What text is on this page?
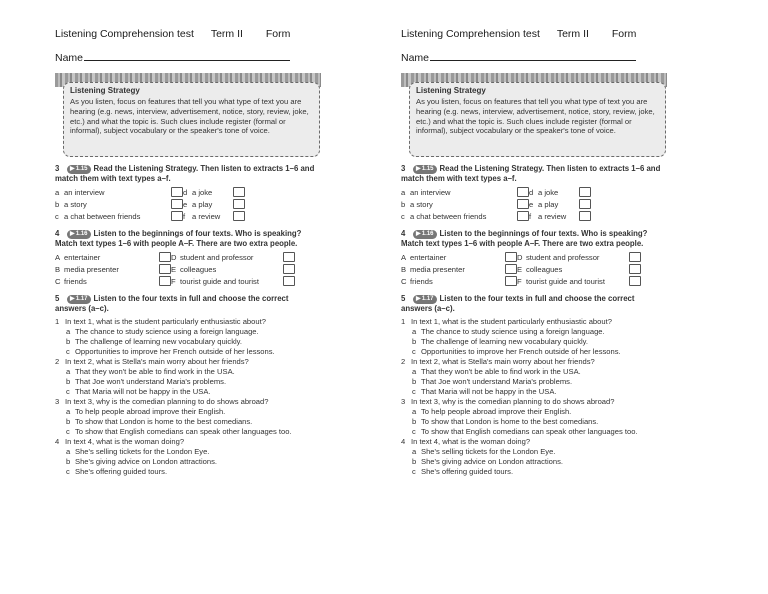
Listening Comprehension test Term II Form
Name
Listening Strategy
As you listen, focus on features that tell you what type of text you are hearing (e.g. news, interview, advertisement, notice, story, review, joke, etc.) and what the topic is. Such clues include register (formal or informal), subject vocabulary or the speaker's tone of voice.
3 ▶ 1.15 Read the Listening Strategy. Then listen to extracts 1–6 and match them with text types a–f.
a an interview	d a joke
b a story	e a play
c a chat between friends	f a review
4 ▶ 1.16 Listen to the beginnings of four texts. Who is speaking? Match text types 1–6 with people A–F. There are two extra people.
A entertainer	D student and professor
B media presenter	E colleagues
C friends	F tourist guide and tourist
5 ▶ 1.17 Listen to the four texts in full and choose the correct answers (a–c).
1 In text 1, what is the student particularly enthusiastic about?
a The chance to study science using a foreign language.
b The challenge of learning new vocabulary quickly.
c Opportunities to improve her French outside of her lessons.
2 In text 2, what is Stella's main worry about her friends?
a That they won't be able to find work in the USA.
b That Joe won't understand Maria's problems.
c That Maria will not be happy in the USA.
3 In text 3, why is the comedian planning to do shows abroad?
a To help people abroad improve their English.
b To show that London is home to the best comedians.
c To show that English comedians can speak other languages too.
4 In text 4, what is the woman doing?
a She's selling tickets for the London Eye.
b She's giving advice on London attractions.
c She's offering guided tours.
Listening Comprehension test Term II Form
Name
Listening Strategy
As you listen, focus on features that tell you what type of text you are hearing (e.g. news, interview, advertisement, notice, story, review, joke, etc.) and what the topic is. Such clues include register (formal or informal), subject vocabulary or the speaker's tone of voice.
3 ▶ 1.15 Read the Listening Strategy. Then listen to extracts 1–6 and match them with text types a–f.
a an interview	d a joke
b a story	e a play
c a chat between friends	f a review
4 ▶ 1.16 Listen to the beginnings of four texts. Who is speaking? Match text types 1–6 with people A–F. There are two extra people.
A entertainer	D student and professor
B media presenter	E colleagues
C friends	F tourist guide and tourist
5 ▶ 1.17 Listen to the four texts in full and choose the correct answers (a–c).
1 In text 1, what is the student particularly enthusiastic about?
a The chance to study science using a foreign language.
b The challenge of learning new vocabulary quickly.
c Opportunities to improve her French outside of her lessons.
2 In text 2, what is Stella's main worry about her friends?
a That they won't be able to find work in the USA.
b That Joe won't understand Maria's problems.
c That Maria will not be happy in the USA.
3 In text 3, why is the comedian planning to do shows abroad?
a To help people abroad improve their English.
b To show that London is home to the best comedians.
c To show that English comedians can speak other languages too.
4 In text 4, what is the woman doing?
a She's selling tickets for the London Eye.
b She's giving advice on London attractions.
c She's offering guided tours.
